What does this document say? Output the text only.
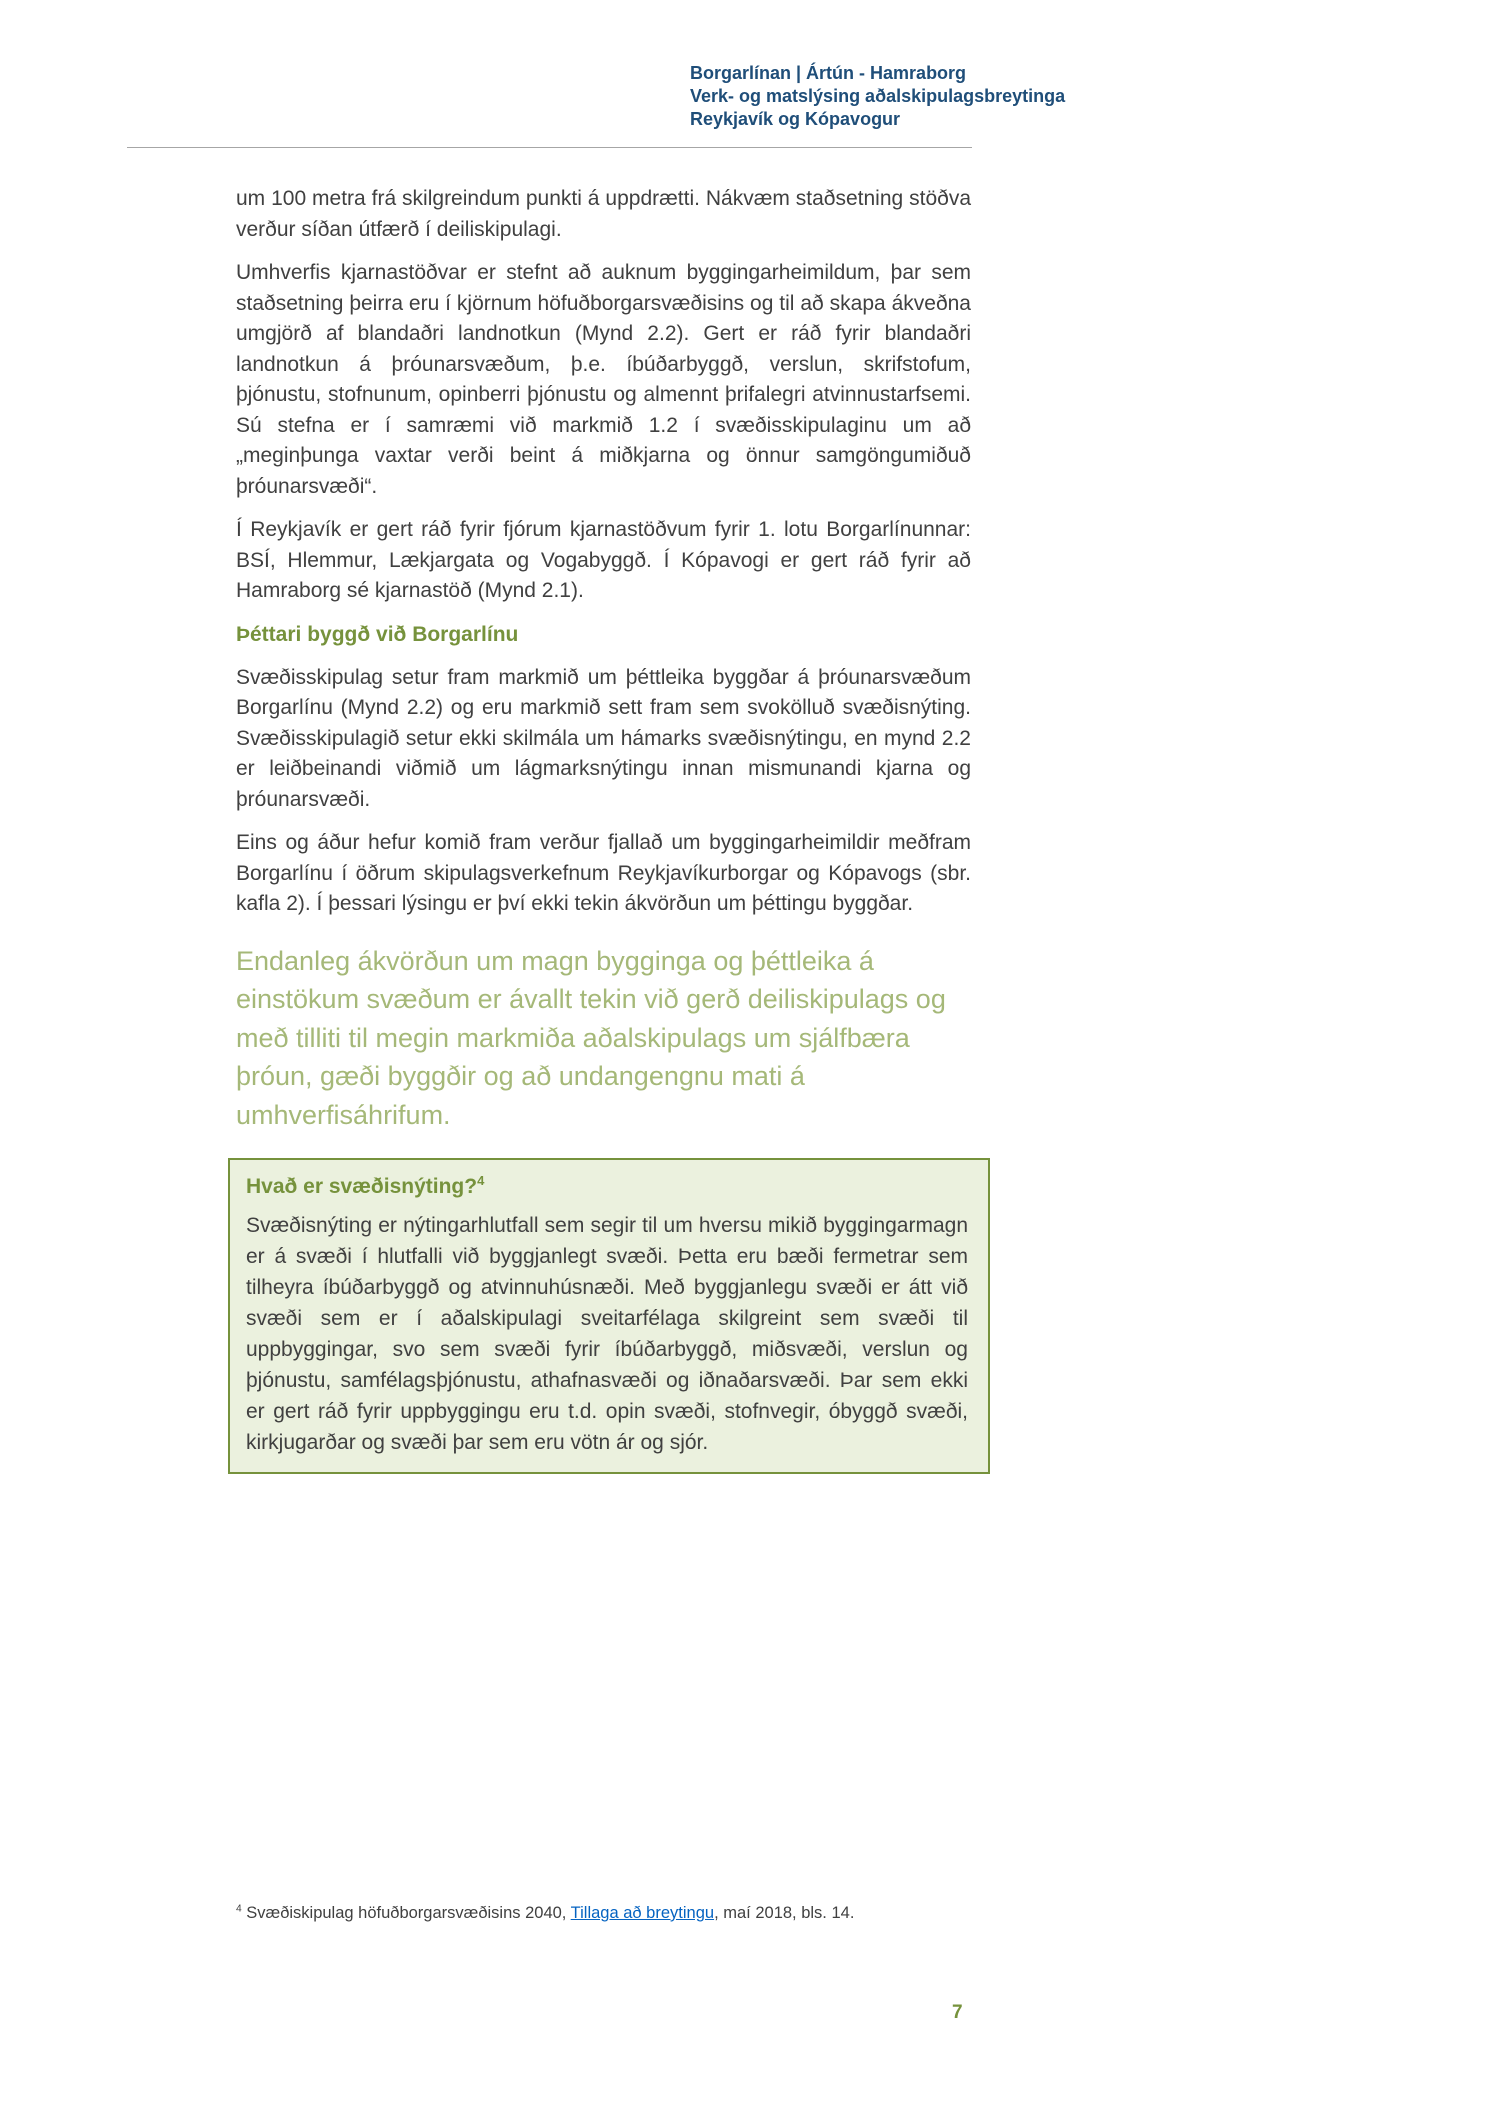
Borgarlínan | Ártún - Hamraborg
Verk- og matslýsing aðalskipulagsbreytinga
Reykjavík og Kópavogur

um 100 metra frá skilgreindum punkti á uppdrætti. Nákvæm staðsetning stöðva verður síðan útfærð í deiliskipulagi.

Umhverfis kjarnastöðvar er stefnt að auknum byggingarheimildum, þar sem staðsetning þeirra eru í kjörnum höfuðborgarsvæðisins og til að skapa ákveðna umgjörð af blandaðri landnotkun (Mynd 2.2). Gert er ráð fyrir blandaðri landnotkun á þróunarsvæðum, þ.e. íbúðarbyggð, verslun, skrifstofum, þjónustu, stofnunum, opinberri þjónustu og almennt þrifalegri atvinnustarfsemi. Sú stefna er í samræmi við markmið 1.2 í svæðisskipulaginu um að „meginþunga vaxtar verði beint á miðkjarna og önnur samgöngumiðuð þróunarsvæði“.

Í Reykjavík er gert ráð fyrir fjórum kjarnastöðvum fyrir 1. lotu Borgarlínunnar: BSÍ, Hlemmur, Lækjargata og Vogabyggð. Í Kópavogi er gert ráð fyrir að Hamraborg sé kjarnastöð (Mynd 2.1).

Þéttari byggð við Borgarlínu

Svæðisskipulag setur fram markmið um þéttleika byggðar á þróunarsvæðum Borgarlínu (Mynd 2.2) og eru markmið sett fram sem svokölluð svæðisnýting. Svæðisskipulagið setur ekki skilmála um hámarks svæðisnýtingu, en mynd 2.2 er leiðbeinandi viðmið um lágmarksnýtingu innan mismunandi kjarna og þróunarsvæði.

Eins og áður hefur komið fram verður fjallað um byggingarheimildir meðfram Borgarlínu í öðrum skipulagsverkefnum Reykjavíkurborgar og Kópavogs (sbr. kafla 2). Í þessari lýsingu er því ekki tekin ákvörðun um þéttingu byggðar.

Endanleg ákvörðun um magn bygginga og þéttleika á einstökum svæðum er ávallt tekin við gerð deiliskipulags og með tilliti til megin markmiða aðalskipulags um sjálfbæra þróun, gæði byggðir og að undangengnu mati á umhverfisáhrifum.

Hvað er svæðisnýting?$^4$

Svæðisnýting er nýtingarhlutfall sem segir til um hversu mikið byggingarmagn er á svæði í hlutfalli við byggjanlegt svæði. Þetta eru bæði fermetrar sem tilheyra íbúðarbyggð og atvinnuhúsnæði. Með byggjanlegu svæði er átt við svæði sem er í aðalskipulagi sveitarfélaga skilgreint sem svæði til uppbyggingar, svo sem svæði fyrir íbúðarbyggð, miðsvæði, verslun og þjónustu, samfélagsþjónustu, athafnasvæði og iðnaðarsvæði. Þar sem ekki er gert ráð fyrir uppbyggingu eru t.d. opin svæði, stofnvegir, óbyggð svæði, kirkjugarðar og svæði þar sem eru vötn ár og sjór.

$^4$ Svæðiskipulag höfuðborgarsvæðisins 2040, Tillaga að breytingu, maí 2018, bls. 14.
7
